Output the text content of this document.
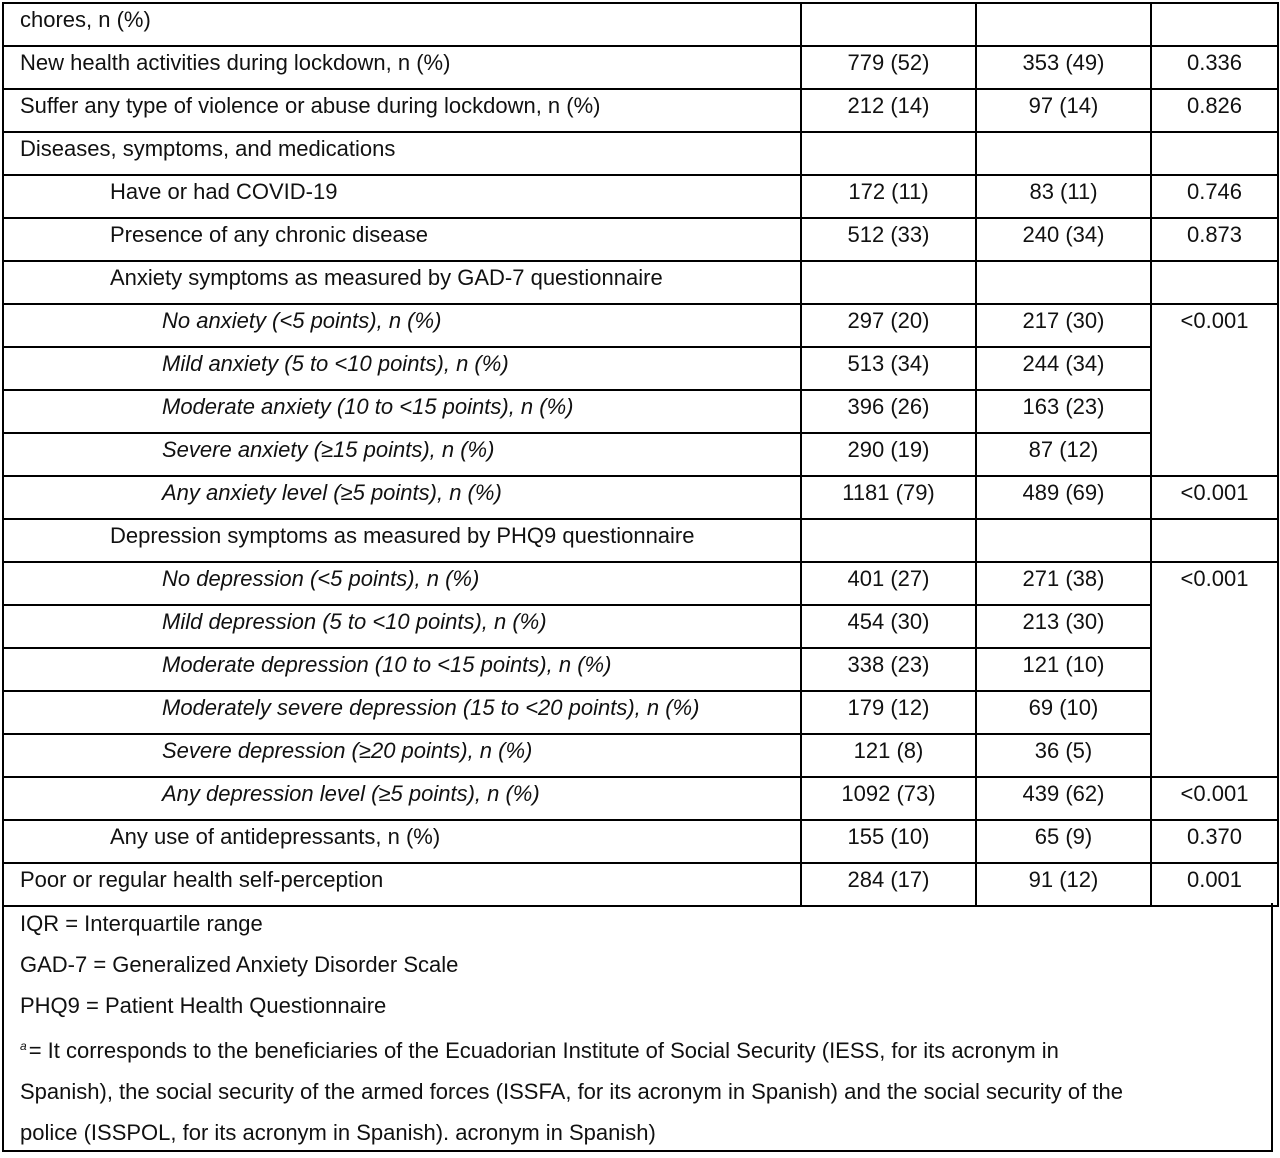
chores, n (%)			
New health activities during lockdown, n (%)	779 (52)	353 (49)	0.336
Suffer any type of violence or abuse during lockdown, n (%)	212 (14)	97 (14)	0.826
Diseases, symptoms, and medications			
Have or had COVID-19	172 (11)	83 (11)	0.746
Presence of any chronic disease	512 (33)	240 (34)	0.873
Anxiety symptoms as measured by GAD-7 questionnaire			
No anxiety (<5 points), n (%)	297 (20)	217 (30)	<0.001
Mild anxiety (5 to <10 points), n (%)	513 (34)	244 (34)	
Moderate anxiety (10 to <15 points), n (%)	396 (26)	163 (23)	
Severe anxiety (≥15 points), n (%)	290 (19)	87 (12)	
Any anxiety level (≥5 points), n (%)	1181 (79)	489 (69)	<0.001
Depression symptoms as measured by PHQ9 questionnaire			
No depression (<5 points), n (%)	401 (27)	271 (38)	<0.001
Mild depression (5 to <10 points), n (%)	454 (30)	213 (30)	
Moderate depression (10 to <15 points), n (%)	338 (23)	121 (10)	
Moderately severe depression (15 to <20 points), n (%)	179 (12)	69 (10)	
Severe depression (≥20 points), n (%)	121 (8)	36 (5)	
Any depression level (≥5 points), n (%)	1092 (73)	439 (62)	<0.001
Any use of antidepressants, n (%)	155 (10)	65 (9)	0.370
Poor or regular health self-perception	284 (17)	91 (12)	0.001
IQR = Interquartile range
GAD-7 = Generalized Anxiety Disorder Scale
PHQ9 = Patient Health Questionnaire
$^a$= It corresponds to the beneficiaries of the Ecuadorian Institute of Social Security (IESS, for its acronym in
Spanish), the social security of the armed forces (ISSFA, for its acronym in Spanish) and the social security of the
police (ISSPOL, for its acronym in Spanish). acronym in Spanish)
